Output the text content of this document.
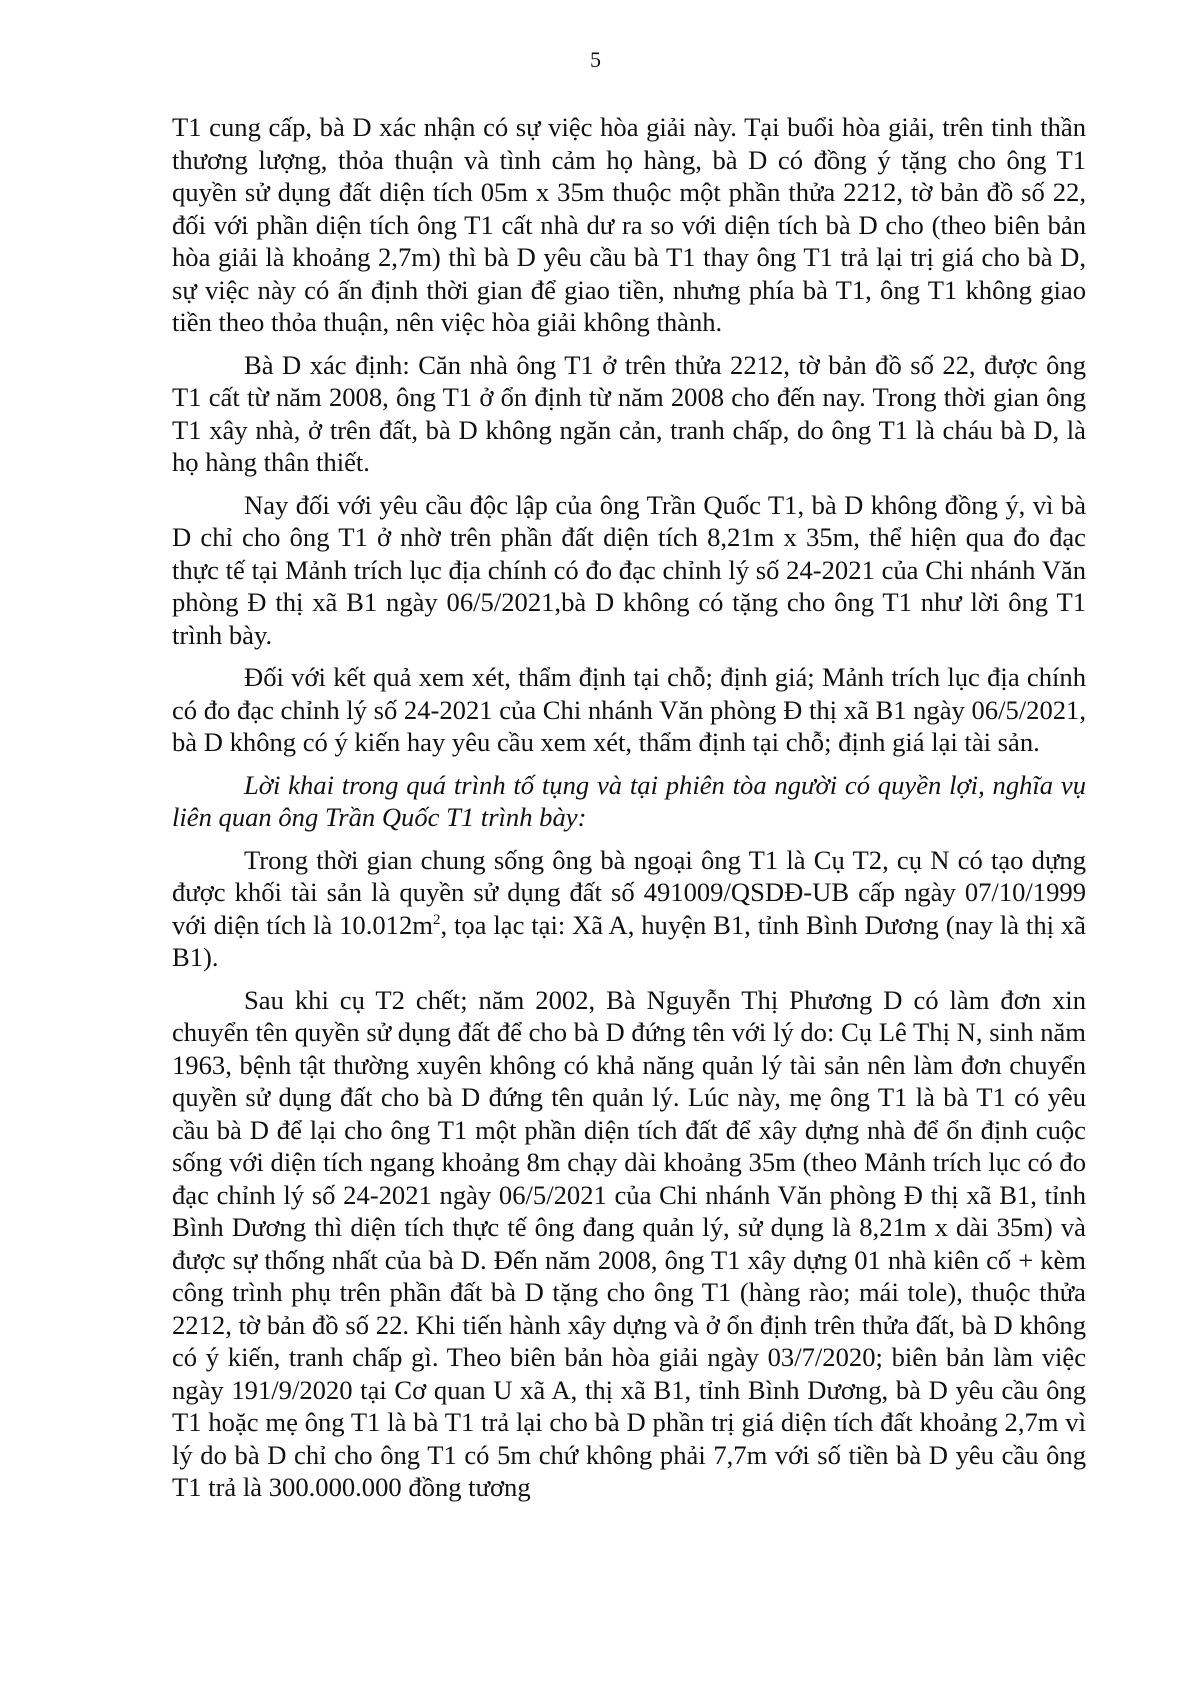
5

T1 cung cấp, bà D xác nhận có sự việc hòa giải này. Tại buổi hòa giải, trên tinh thần thương lượng, thỏa thuận và tình cảm họ hàng, bà D có đồng ý tặng cho ông T1 quyền sử dụng đất diện tích 05m x 35m thuộc một phần thửa 2212, tờ bản đồ số 22, đối với phần diện tích ông T1 cất nhà dư ra so với diện tích bà D cho (theo biên bản hòa giải là khoảng 2,7m) thì bà D yêu cầu bà T1 thay ông T1 trả lại trị giá cho bà D, sự việc này có ấn định thời gian để giao tiền, nhưng phía bà T1, ông T1 không giao tiền theo thỏa thuận, nên việc hòa giải không thành.

Bà D xác định: Căn nhà ông T1 ở trên thửa 2212, tờ bản đồ số 22, được ông T1 cất từ năm 2008, ông T1 ở ổn định từ năm 2008 cho đến nay. Trong thời gian ông T1 xây nhà, ở trên đất, bà D không ngăn cản, tranh chấp, do ông T1 là cháu bà D, là họ hàng thân thiết.

Nay đối với yêu cầu độc lập của ông Trần Quốc T1, bà D không đồng ý, vì bà D chỉ cho ông T1 ở nhờ trên phần đất diện tích 8,21m x 35m, thể hiện qua đo đạc thực tế tại Mảnh trích lục địa chính có đo đạc chỉnh lý số 24-2021 của Chi nhánh Văn phòng Đ thị xã B1 ngày 06/5/2021,bà D không có tặng cho ông T1 như lời ông T1 trình bày.

Đối với kết quả xem xét, thẩm định tại chỗ; định giá; Mảnh trích lục địa chính có đo đạc chỉnh lý số 24-2021 của Chi nhánh Văn phòng Đ thị xã B1 ngày 06/5/2021, bà D không có ý kiến hay yêu cầu xem xét, thẩm định tại chỗ; định giá lại tài sản.

Lời khai trong quá trình tố tụng và tại phiên tòa người có quyền lợi, nghĩa vụ liên quan ông Trần Quốc T1 trình bày:

Trong thời gian chung sống ông bà ngoại ông T1 là Cụ T2, cụ N có tạo dựng được khối tài sản là quyền sử dụng đất số 491009/QSDĐ-UB cấp ngày 07/10/1999 với diện tích là $10.012m^2$, tọa lạc tại: Xã A, huyện B1, tỉnh Bình Dương (nay là thị xã B1).

Sau khi cụ T2 chết; năm 2002, Bà Nguyễn Thị Phương D có làm đơn xin chuyển tên quyền sử dụng đất để cho bà D đứng tên với lý do: Cụ Lê Thị N, sinh năm 1963, bệnh tật thường xuyên không có khả năng quản lý tài sản nên làm đơn chuyển quyền sử dụng đất cho bà D đứng tên quản lý. Lúc này, mẹ ông T1 là bà T1 có yêu cầu bà D để lại cho ông T1 một phần diện tích đất để xây dựng nhà để ổn định cuộc sống với diện tích ngang khoảng 8m chạy dài khoảng 35m (theo Mảnh trích lục có đo đạc chỉnh lý số 24-2021 ngày 06/5/2021 của Chi nhánh Văn phòng Đ thị xã B1, tỉnh Bình Dương thì diện tích thực tế ông đang quản lý, sử dụng là 8,21m x dài 35m) và được sự thống nhất của bà D. Đến năm 2008, ông T1 xây dựng 01 nhà kiên cố + kèm công trình phụ trên phần đất bà D tặng cho ông T1 (hàng rào; mái tole), thuộc thửa 2212, tờ bản đồ số 22. Khi tiến hành xây dựng và ở ổn định trên thửa đất, bà D không có ý kiến, tranh chấp gì. Theo biên bản hòa giải ngày 03/7/2020; biên bản làm việc ngày 191/9/2020 tại Cơ quan U xã A, thị xã B1, tỉnh Bình Dương, bà D yêu cầu ông T1 hoặc mẹ ông T1 là bà T1 trả lại cho bà D phần trị giá diện tích đất khoảng 2,7m vì lý do bà D chỉ cho ông T1 có 5m chứ không phải 7,7m với số tiền bà D yêu cầu ông T1 trả là 300.000.000 đồng tương
